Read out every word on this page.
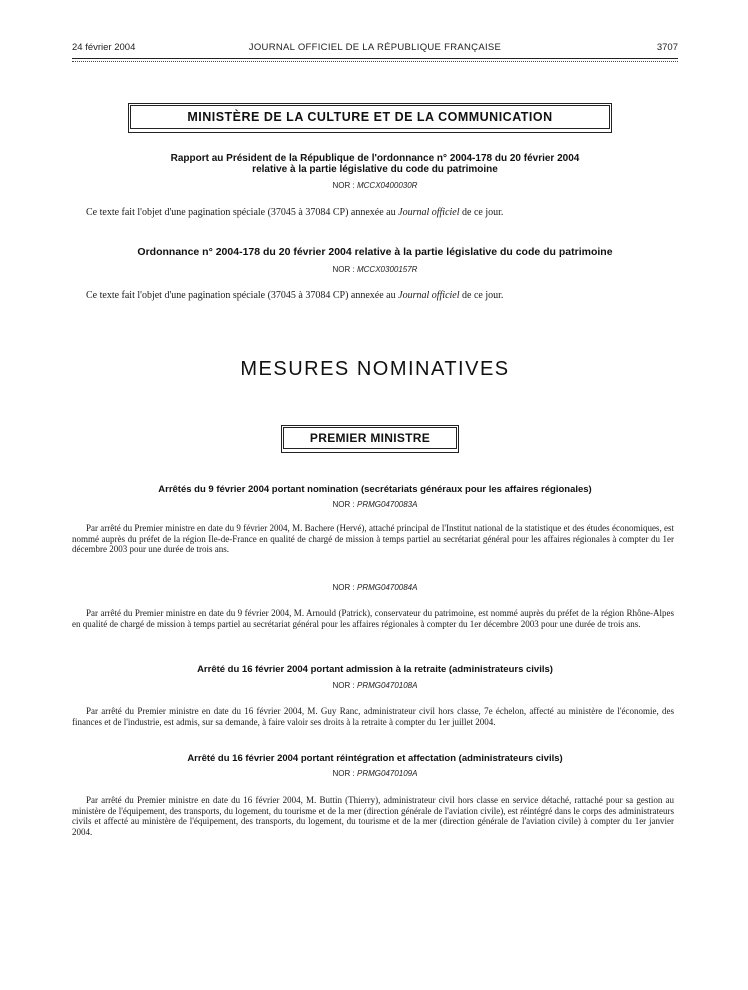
24 février 2004	JOURNAL OFFICIEL DE LA RÉPUBLIQUE FRANÇAISE	3707
MINISTÈRE DE LA CULTURE ET DE LA COMMUNICATION
Rapport au Président de la République de l'ordonnance n° 2004-178 du 20 février 2004
relative à la partie législative du code du patrimoine
NOR : MCCX0400030R
Ce texte fait l'objet d'une pagination spéciale (37045 à 37084 CP) annexée au Journal officiel de ce jour.
Ordonnance n° 2004-178 du 20 février 2004 relative à la partie législative du code du patrimoine
NOR : MCCX0300157R
Ce texte fait l'objet d'une pagination spéciale (37045 à 37084 CP) annexée au Journal officiel de ce jour.
MESURES NOMINATIVES
PREMIER MINISTRE
Arrêtés du 9 février 2004 portant nomination (secrétariats généraux pour les affaires régionales)
NOR : PRMG0470083A
Par arrêté du Premier ministre en date du 9 février 2004, M. Bachere (Hervé), attaché principal de l'Institut national de la statistique et des études économiques, est nommé auprès du préfet de la région Ile-de-France en qualité de chargé de mission à temps partiel au secrétariat général pour les affaires régionales à compter du 1er décembre 2003 pour une durée de trois ans.
NOR : PRMG0470084A
Par arrêté du Premier ministre en date du 9 février 2004, M. Arnould (Patrick), conservateur du patrimoine, est nommé auprès du préfet de la région Rhône-Alpes en qualité de chargé de mission à temps partiel au secrétariat général pour les affaires régionales à compter du 1er décembre 2003 pour une durée de trois ans.
Arrêté du 16 février 2004 portant admission à la retraite (administrateurs civils)
NOR : PRMG0470108A
Par arrêté du Premier ministre en date du 16 février 2004, M. Guy Ranc, administrateur civil hors classe, 7e échelon, affecté au ministère de l'économie, des finances et de l'industrie, est admis, sur sa demande, à faire valoir ses droits à la retraite à compter du 1er juillet 2004.
Arrêté du 16 février 2004 portant réintégration et affectation (administrateurs civils)
NOR : PRMG0470109A
Par arrêté du Premier ministre en date du 16 février 2004, M. Buttin (Thierry), administrateur civil hors classe en service détaché, rattaché pour sa gestion au ministère de l'équipement, des transports, du logement, du tourisme et de la mer (direction générale de l'aviation civile), est réintégré dans le corps des administrateurs civils et affecté au ministère de l'équipement, des transports, du logement, du tourisme et de la mer (direction générale de l'aviation civile) à compter du 1er janvier 2004.
